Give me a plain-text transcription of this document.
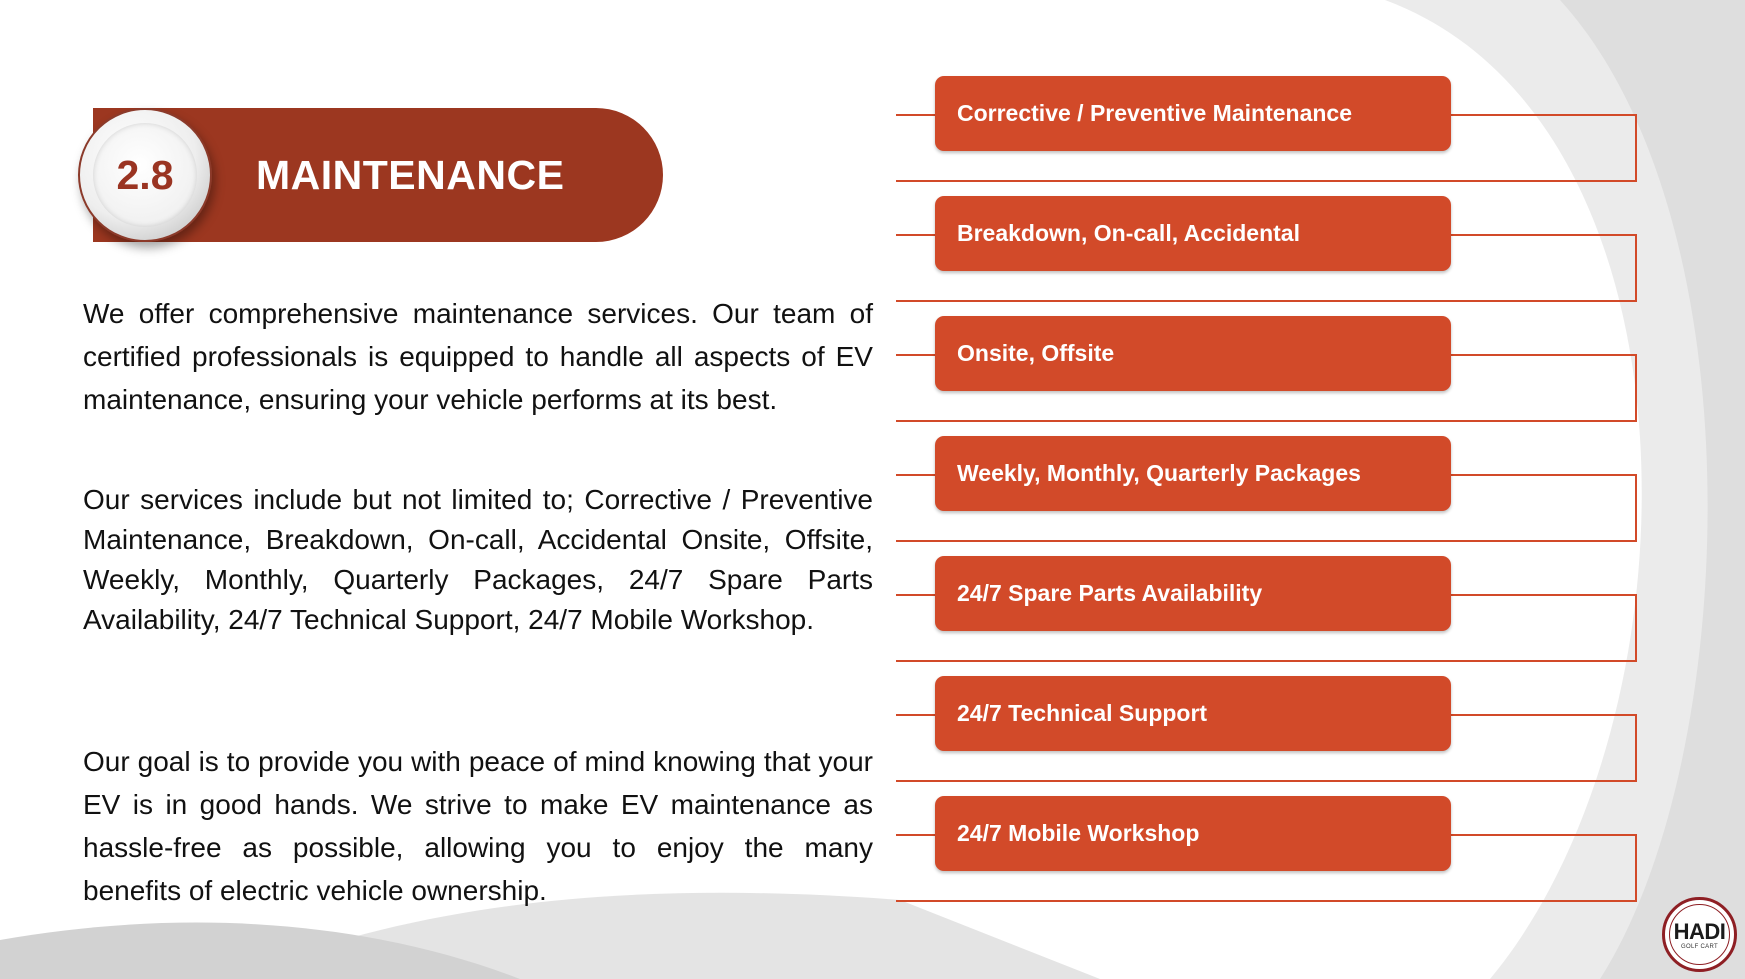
MAINTENANCE
2.8

We offer comprehensive maintenance services. Our team of certified professionals is equipped to handle all aspects of EV maintenance, ensuring your vehicle performs at its best.

Our services include but not limited to; Corrective / Preventive Maintenance, Breakdown, On-call, Accidental Onsite, Offsite, Weekly, Monthly, Quarterly Packages, 24/7 Spare Parts Availability, 24/7 Technical Support, 24/7 Mobile Workshop.

Our goal is to provide you with peace of mind knowing that your EV is in good hands. We strive to make EV maintenance as hassle-free as possible, allowing you to enjoy the many benefits of electric vehicle ownership.

Corrective / Preventive Maintenance
Breakdown, On-call, Accidental
Onsite, Offsite
Weekly, Monthly, Quarterly Packages
24/7 Spare Parts Availability
24/7 Technical Support
24/7 Mobile Workshop
HADI
GOLF CART
